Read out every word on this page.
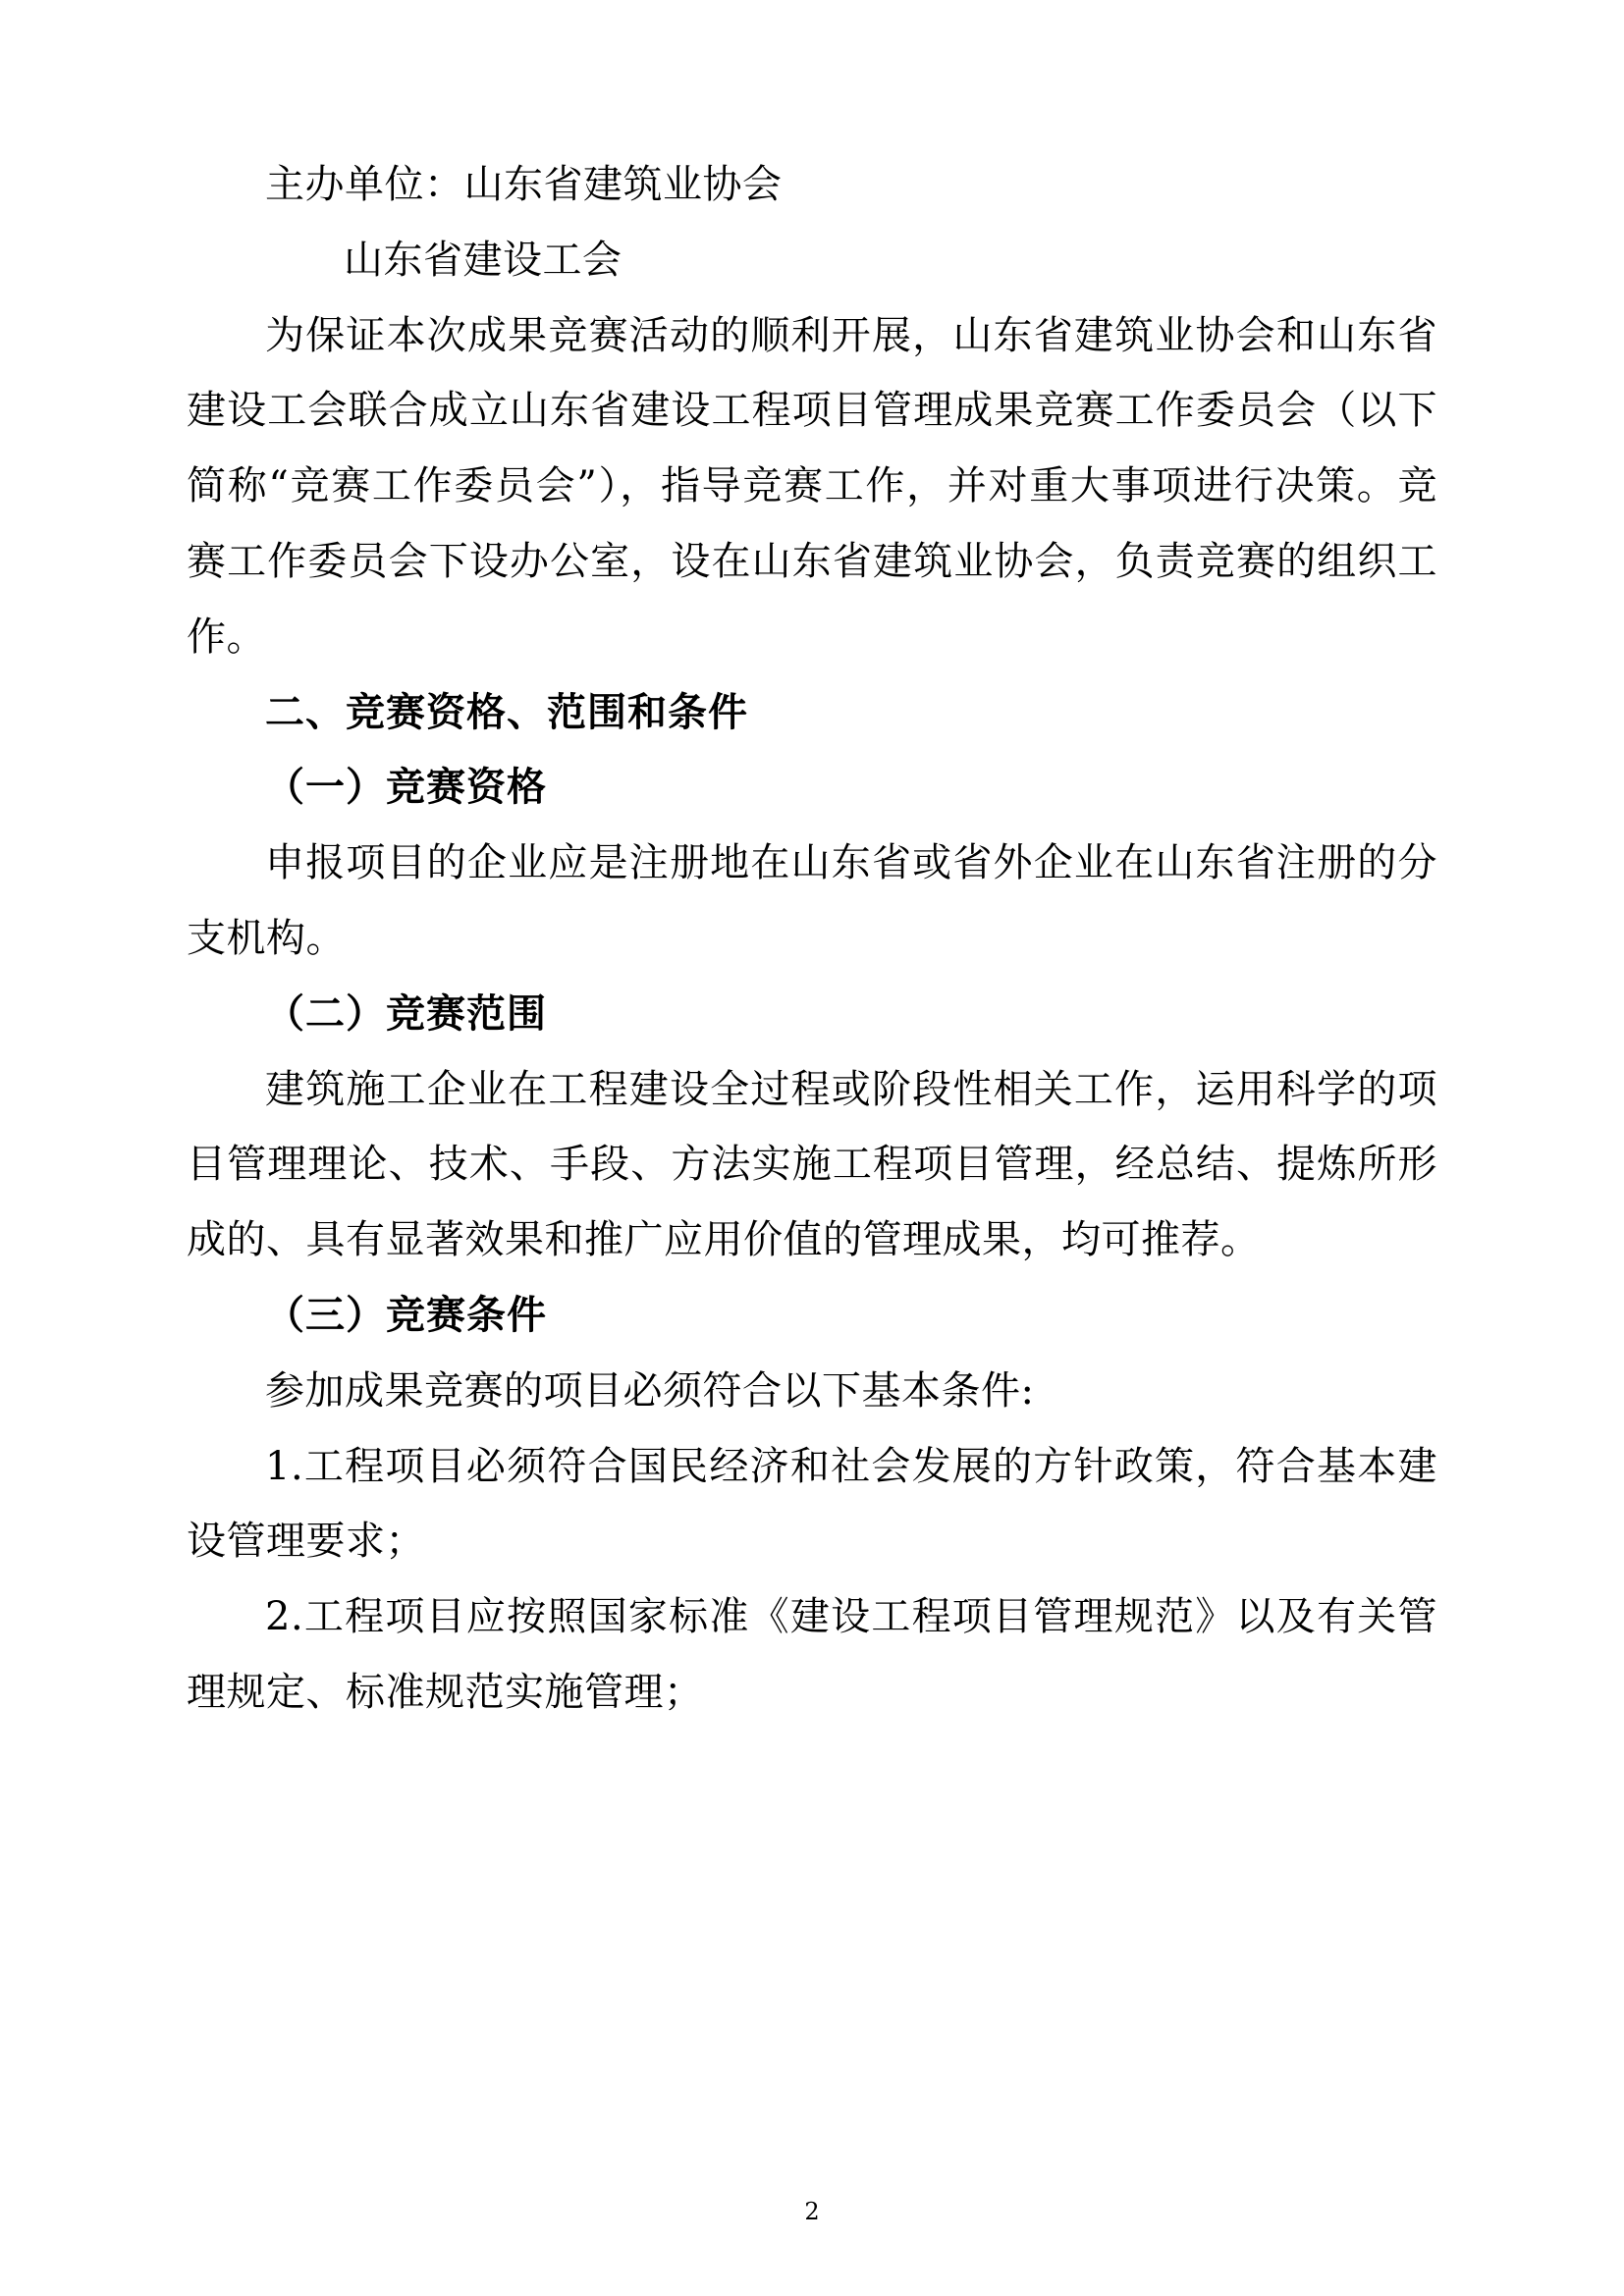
主办单位：山东省建筑业协会

山东省建设工会

为保证本次成果竞赛活动的顺利开展，山东省建筑业协会和山东省建设工会联合成立山东省建设工程项目管理成果竞赛工作委员会（以下简称“竞赛工作委员会”），指导竞赛工作，并对重大事项进行决策。竞赛工作委员会下设办公室，设在山东省建筑业协会，负责竞赛的组织工作。

二、竞赛资格、范围和条件

（一）竞赛资格

申报项目的企业应是注册地在山东省或省外企业在山东省注册的分支机构。

（二）竞赛范围

建筑施工企业在工程建设全过程或阶段性相关工作，运用科学的项目管理理论、技术、手段、方法实施工程项目管理，经总结、提炼所形成的、具有显著效果和推广应用价值的管理成果，均可推荐。

（三）竞赛条件

参加成果竞赛的项目必须符合以下基本条件:

1.工程项目必须符合国民经济和社会发展的方针政策，符合基本建设管理要求；

2.工程项目应按照国家标准《建设工程项目管理规范》以及有关管理规定、标准规范实施管理；

2
